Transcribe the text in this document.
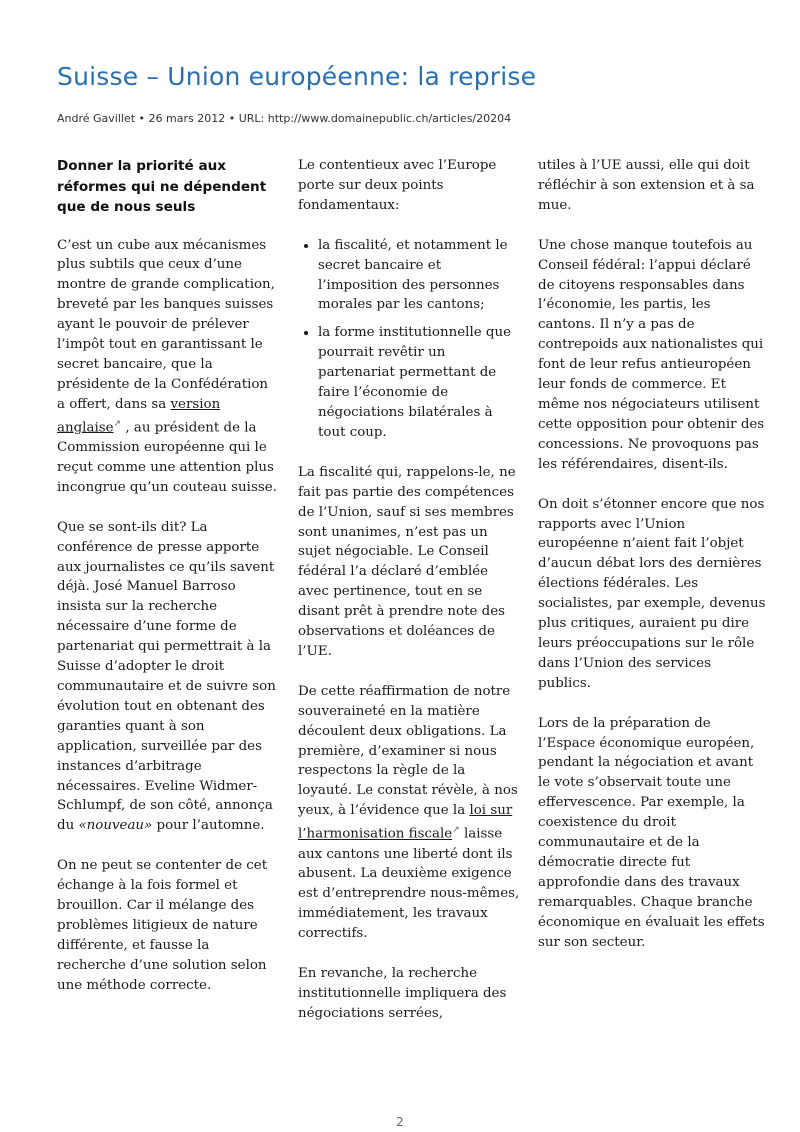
Suisse – Union européenne: la reprise
André Gavillet • 26 mars 2012 • URL: http://www.domainepublic.ch/articles/20204
Donner la priorité aux réformes qui ne dépendent que de nous seuls

C’est un cube aux mécanismes plus subtils que ceux d’une montre de grande complication, breveté par les banques suisses ayant le pouvoir de prélever l’impôt tout en garantissant le secret bancaire, que la présidente de la Confédération a offert, dans sa version anglaise↗ , au président de la Commission européenne qui le reçut comme une attention plus incongrue qu’un couteau suisse.

Que se sont-ils dit? La conférence de presse apporte aux journalistes ce qu’ils savent déjà. José Manuel Barroso insista sur la recherche nécessaire d’une forme de partenariat qui permettrait à la Suisse d’adopter le droit communautaire et de suivre son évolution tout en obtenant des garanties quant à son application, surveillée par des instances d’arbitrage nécessaires. Eveline Widmer-Schlumpf, de son côté, annonça du «nouveau» pour l’automne.

On ne peut se contenter de cet échange à la fois formel et brouillon. Car il mélange des problèmes litigieux de nature différente, et fausse la recherche d’une solution selon une méthode correcte.

Le contentieux avec l’Europe porte sur deux points fondamentaux:

• la fiscalité, et notamment le secret bancaire et l’imposition des personnes morales par les cantons;
• la forme institutionnelle que pourrait revêtir un partenariat permettant de faire l’économie de négociations bilatérales à tout coup.

La fiscalité qui, rappelons-le, ne fait pas partie des compétences de l’Union, sauf si ses membres sont unanimes, n’est pas un sujet négociable. Le Conseil fédéral l’a déclaré d’emblée avec pertinence, tout en se disant prêt à prendre note des observations et doléances de l’UE.

De cette réaffirmation de notre souveraineté en la matière découlent deux obligations. La première, d’examiner si nous respectons la règle de la loyauté. Le constat révèle, à nos yeux, à l’évidence que la loi sur l’harmonisation fiscale↗ laisse aux cantons une liberté dont ils abusent. La deuxième exigence est d’entreprendre nous-mêmes, immédiatement, les travaux correctifs.

En revanche, la recherche institutionnelle impliquera des négociations serrées,

utiles à l’UE aussi, elle qui doit réfléchir à son extension et à sa mue.

Une chose manque toutefois au Conseil fédéral: l’appui déclaré de citoyens responsables dans l’économie, les partis, les cantons. Il n’y a pas de contrepoids aux nationalistes qui font de leur refus antieuropéen leur fonds de commerce. Et même nos négociateurs utilisent cette opposition pour obtenir des concessions. Ne provoquons pas les référendaires, disent-ils.

On doit s’étonner encore que nos rapports avec l’Union européenne n’aient fait l’objet d’aucun débat lors des dernières élections fédérales. Les socialistes, par exemple, devenus plus critiques, auraient pu dire leurs préoccupations sur le rôle dans l’Union des services publics.

Lors de la préparation de l’Espace économique européen, pendant la négociation et avant le vote s’observait toute une effervescence. Par exemple, la coexistence du droit communautaire et de la démocratie directe fut approfondie dans des travaux remarquables. Chaque branche économique en évaluait les effets sur son secteur.

2
